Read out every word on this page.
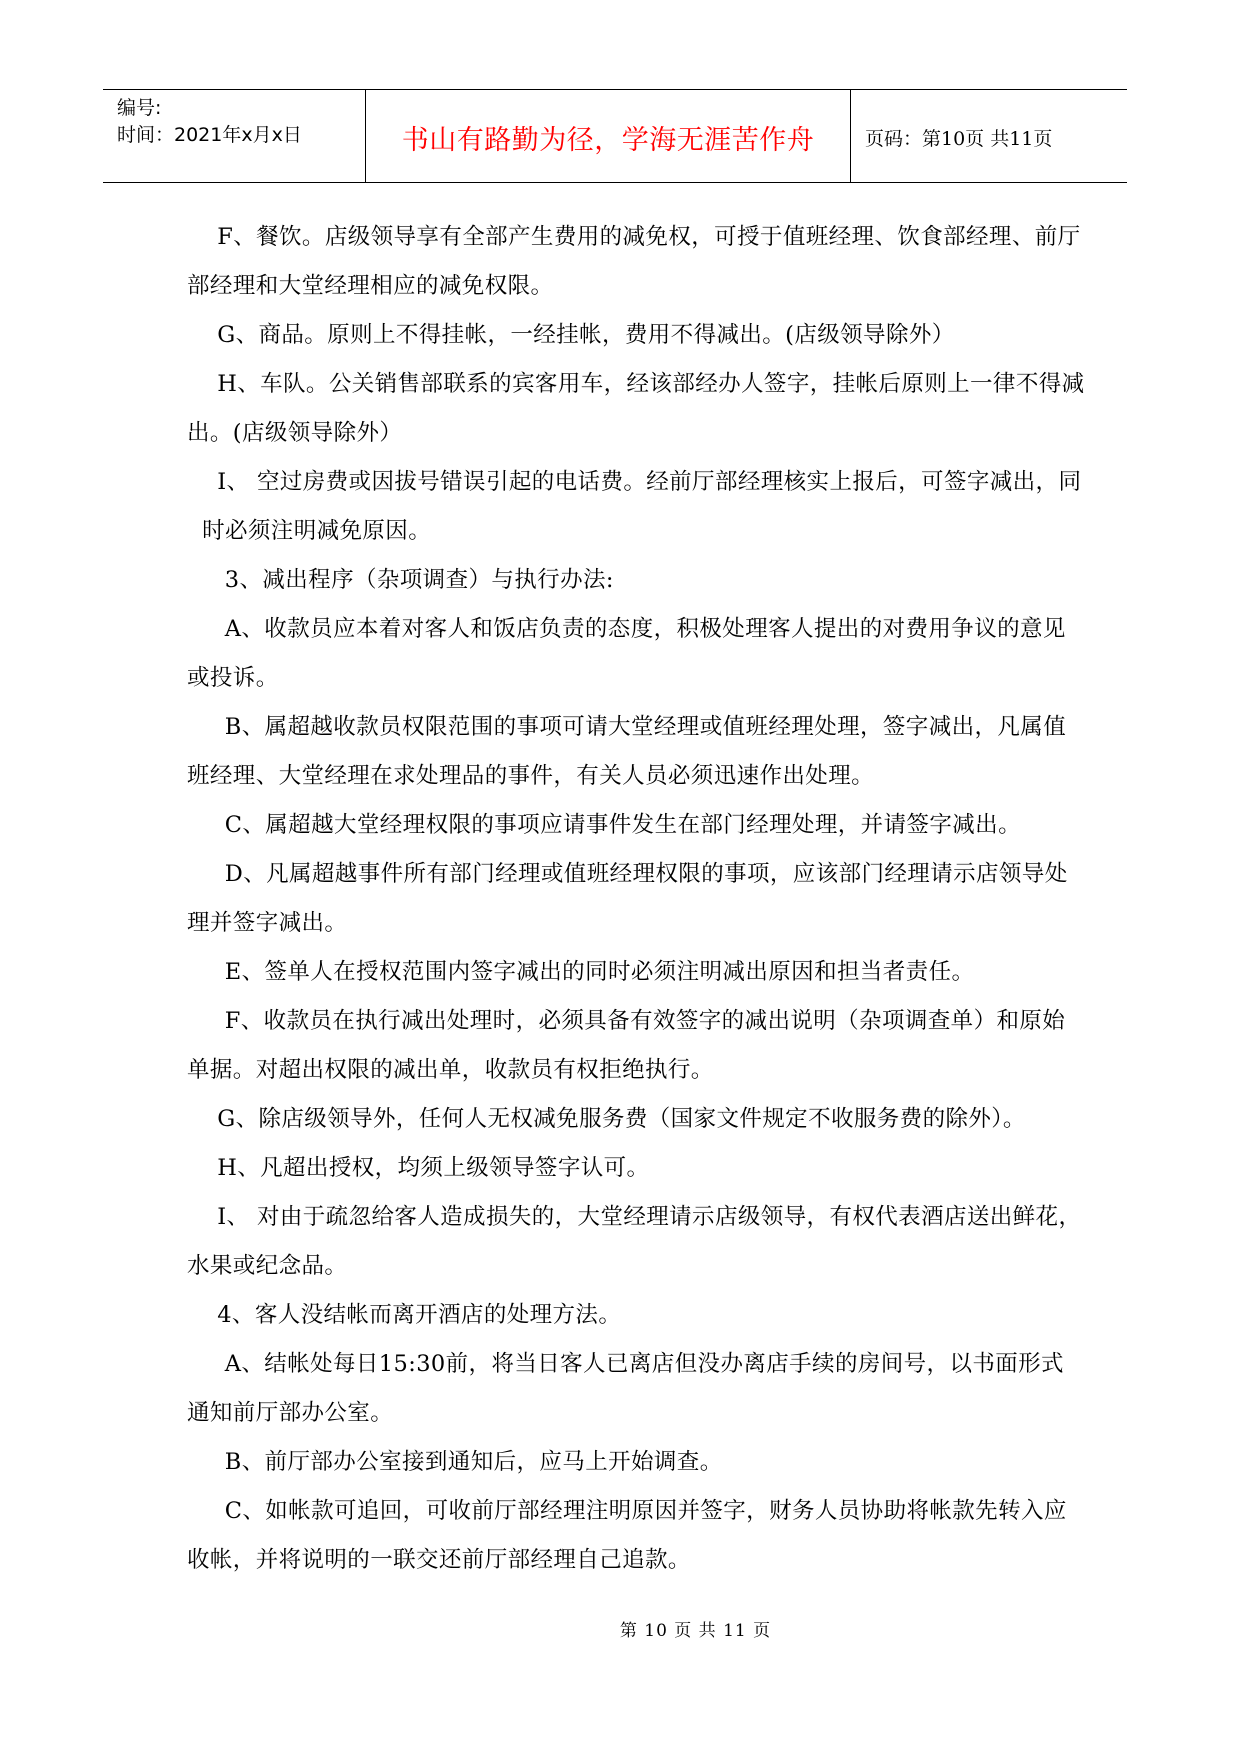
编号:
时间：2021年x月x日	书山有路勤为径，学海无涯苦作舟	页码：第10页 共11页

F、餐饮。店级领导享有全部产生费用的减免权，可授于值班经理、饮食部经理、前厅

部经理和大堂经理相应的减免权限。

G、商品。原则上不得挂帐，一经挂帐，费用不得减出。(店级领导除外）

H、车队。公关销售部联系的宾客用车，经该部经办人签字，挂帐后原则上一律不得减

出。(店级领导除外）

I、 空过房费或因拔号错误引起的电话费。经前厅部经理核实上报后，可签字减出，同

时必须注明减免原因。

3、减出程序（杂项调查）与执行办法:

A、收款员应本着对客人和饭店负责的态度，积极处理客人提出的对费用争议的意见

或投诉。

B、属超越收款员权限范围的事项可请大堂经理或值班经理处理，签字减出，凡属值

班经理、大堂经理在求处理品的事件，有关人员必须迅速作出处理。

C、属超越大堂经理权限的事项应请事件发生在部门经理处理，并请签字减出。

D、凡属超越事件所有部门经理或值班经理权限的事项，应该部门经理请示店领导处

理并签字减出。

E、签单人在授权范围内签字减出的同时必须注明减出原因和担当者责任。

F、收款员在执行减出处理时，必须具备有效签字的减出说明（杂项调查单）和原始

单据。对超出权限的减出单，收款员有权拒绝执行。

G、除店级领导外，任何人无权减免服务费（国家文件规定不收服务费的除外）。

H、凡超出授权，均须上级领导签字认可。

I、 对由于疏忽给客人造成损失的，大堂经理请示店级领导，有权代表酒店送出鲜花，

水果或纪念品。

4、客人没结帐而离开酒店的处理方法。

A、结帐处每日15:30前，将当日客人已离店但没办离店手续的房间号，以书面形式

通知前厅部办公室。

B、前厅部办公室接到通知后，应马上开始调查。

C、如帐款可追回，可收前厅部经理注明原因并签字，财务人员协助将帐款先转入应

收帐，并将说明的一联交还前厅部经理自己追款。

第 10 页 共 11 页
